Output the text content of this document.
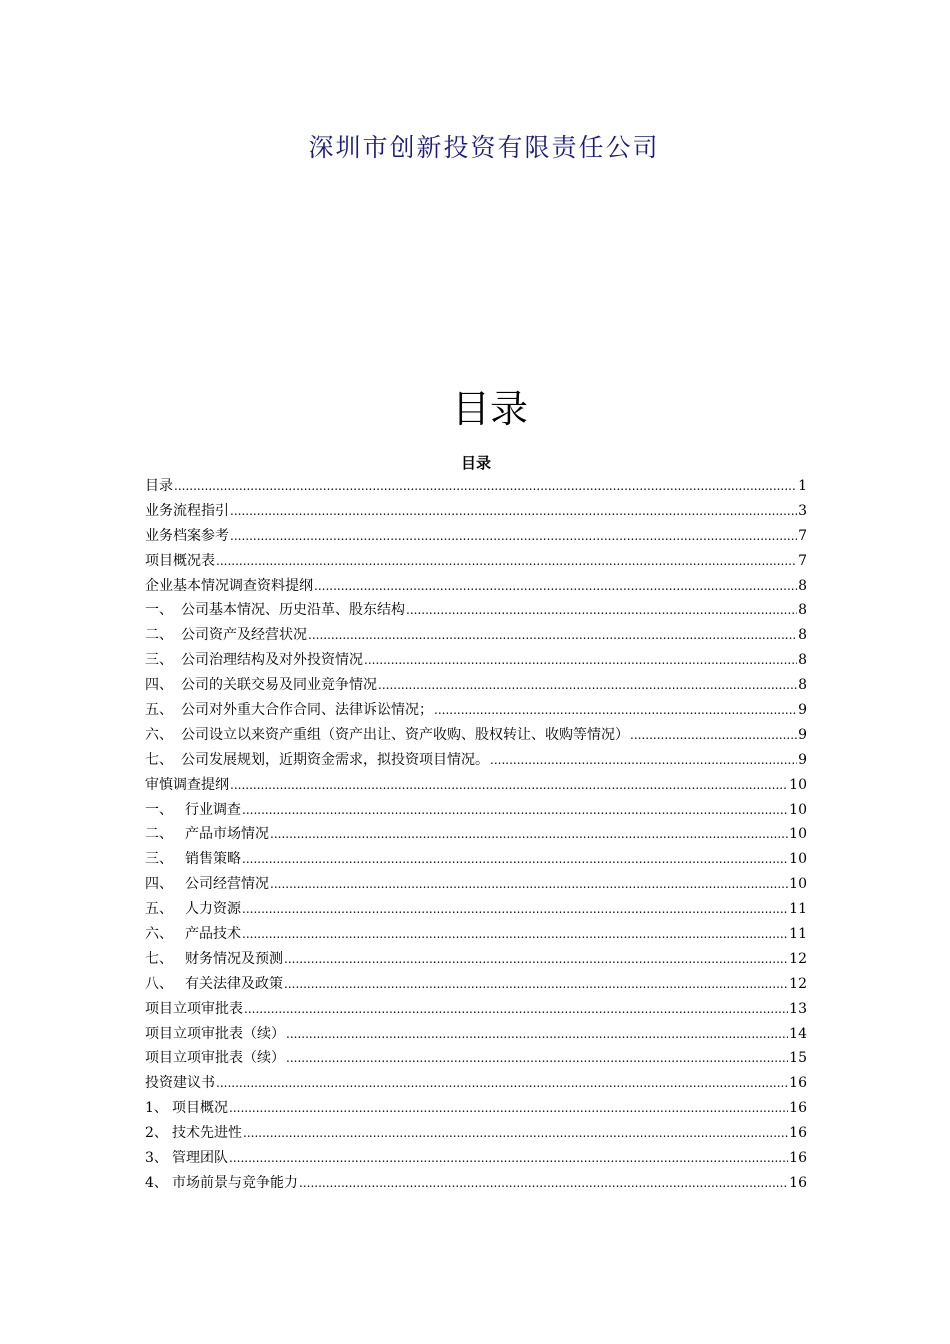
深圳市创新投资有限责任公司
目录
目录
目录 .....	1
业务流程指引 .....	3
业务档案参考 .....	7
项目概况表 .....	7
企业基本情况调查资料提纲 .....	8
一、 公司基本情况、历史沿革、股东结构 .....	8
二、 公司资产及经营状况 .....	8
三、 公司治理结构及对外投资情况 .....	8
四、 公司的关联交易及同业竞争情况 .....	8
五、 公司对外重大合作合同、法律诉讼情况； .....	9
六、 公司设立以来资产重组（资产出让、资产收购、股权转让、收购等情况） .....	9
七、 公司发展规划，近期资金需求，拟投资项目情况。 .....	9
审慎调查提纲 .....	10
一、 行业调查 .....	10
二、 产品市场情况 .....	10
三、 销售策略 .....	10
四、 公司经营情况 .....	10
五、 人力资源 .....	11
六、 产品技术 .....	11
七、 财务情况及预测 .....	12
八、 有关法律及政策 .....	12
项目立项审批表 .....	13
项目立项审批表（续） .....	14
项目立项审批表（续） .....	15
投资建议书 .....	16
1、 项目概况 .....	16
2、 技术先进性 .....	16
3、 管理团队 .....	16
4、 市场前景与竞争能力 .....	16
